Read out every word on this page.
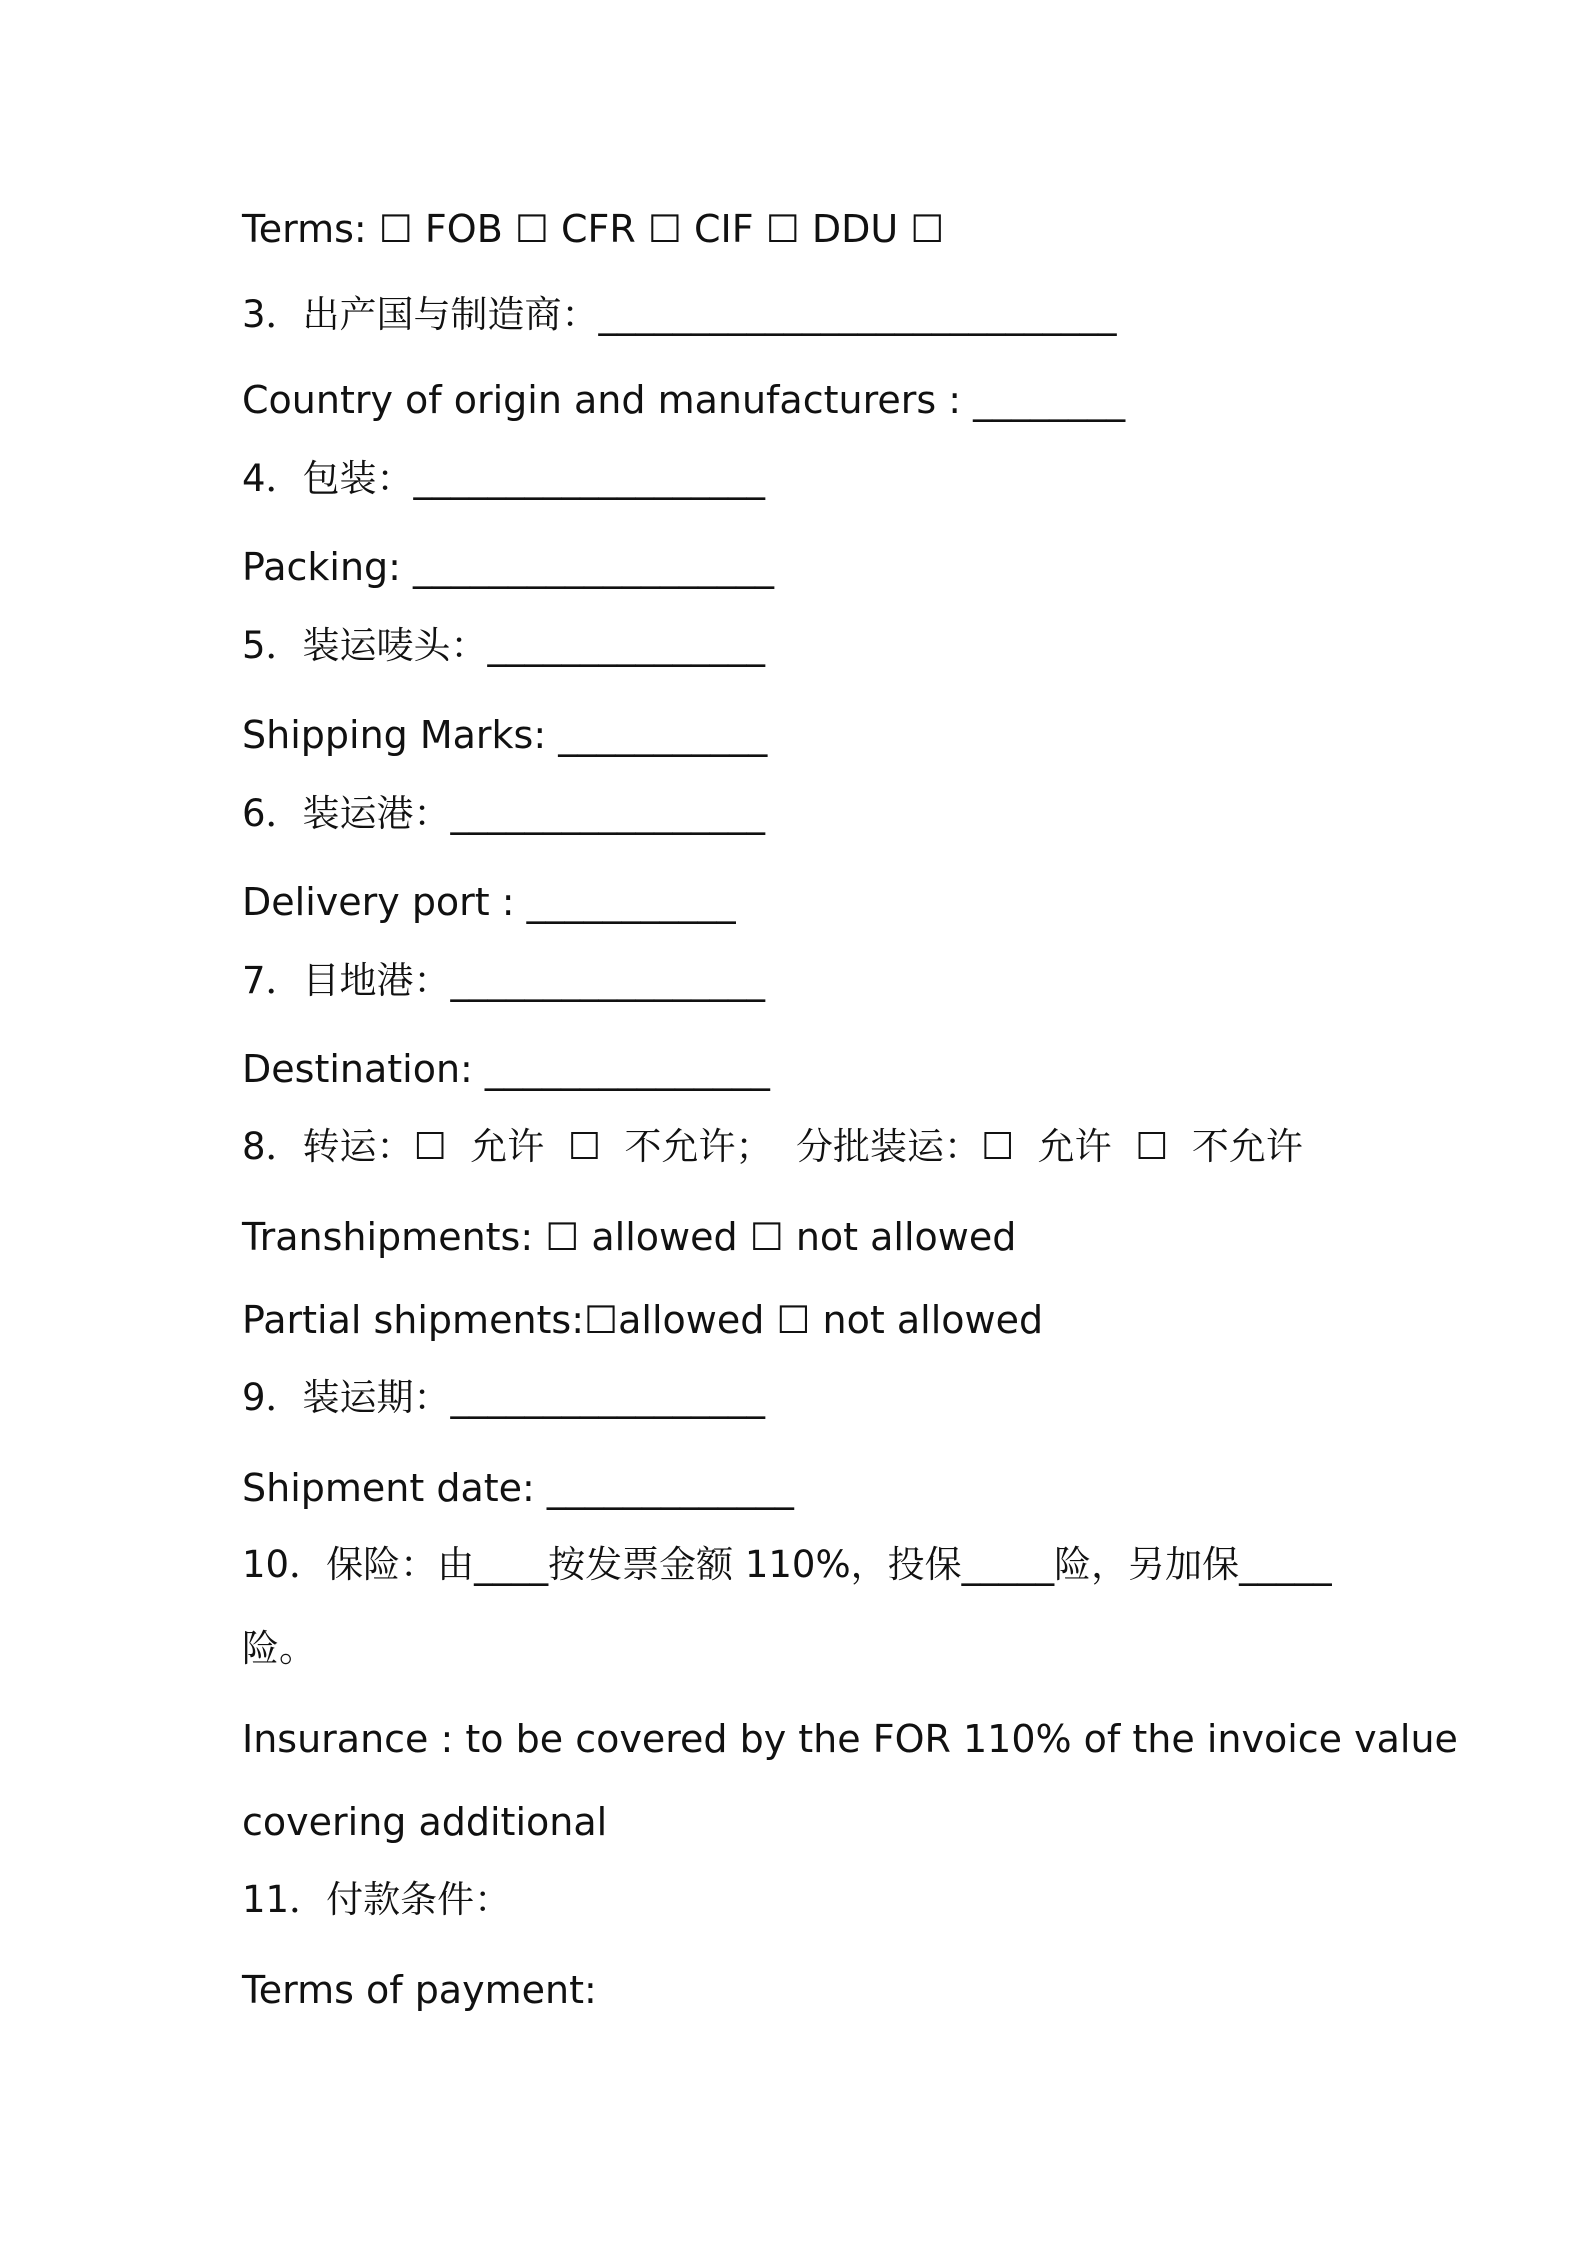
Terms: ☐ FOB ☐ CFR ☐ CIF ☐ DDU ☐
3．出产国与制造商：____________________________
Country of origin and manufacturers : ________
4．包装：___________________
Packing: ___________________
5．装运唛头：_______________
Shipping Marks: ___________
6．装运港：_________________
Delivery port : ___________
7．目地港：_________________
Destination: _______________
8．转运：☐  允许  ☐  不允许；  分批装运：☐  允许  ☐  不允许
Transhipments: ☐ allowed ☐ not allowed
Partial shipments:☐allowed ☐ not allowed
9．装运期：_________________
Shipment date: _____________
10．保险：由____按发票金额 110%，投保_____险，另加保_____
险。
Insurance : to be covered by the FOR 110% of the invoice value
covering additional
11．付款条件：
Terms of payment:
